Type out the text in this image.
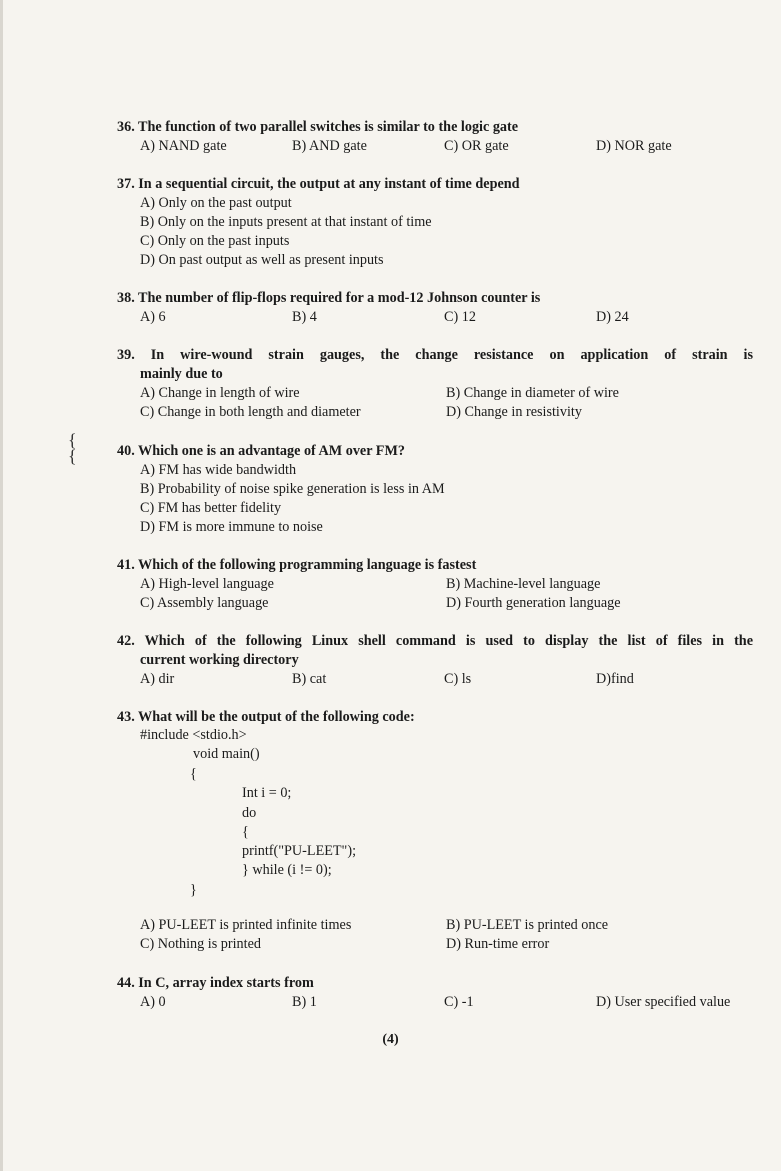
{
{
36. The function of two parallel switches is similar to the logic gate
A) NAND gate	B) AND gate	C) OR gate	D) NOR gate
37. In a sequential circuit, the output at any instant of time depend
A) Only on the past output
B) Only on the inputs present at that instant of time
C) Only on the past inputs
D) On past output as well as present inputs
38. The number of flip-flops required for a mod-12 Johnson counter is
A) 6	B) 4	C) 12	D) 24
39. In wire-wound strain gauges, the change resistance on application of strain is
mainly due to
A) Change in length of wire	B) Change in diameter of wire
C) Change in both length and diameter	D) Change in resistivity
40. Which one is an advantage of AM over FM?
A) FM has wide bandwidth
B) Probability of noise spike generation is less in AM
C) FM has better fidelity
D) FM is more immune to noise
41. Which of the following programming language is fastest
A) High-level language	B) Machine-level language
C) Assembly language	D) Fourth generation language
42. Which of the following Linux shell command is used to display the list of files in the
current working directory
A) dir	B) cat	C) ls	D)find
43. What will be the output of the following code:
#include <stdio.h>
void main()
{
Int i = 0;
do
{
printf("PU-LEET");
} while (i != 0);
}
A) PU-LEET is printed infinite times	B) PU-LEET is printed once
C) Nothing is printed	D) Run-time error
44. In C, array index starts from
A) 0	B) 1	C) -1	D) User specified value
(4)
